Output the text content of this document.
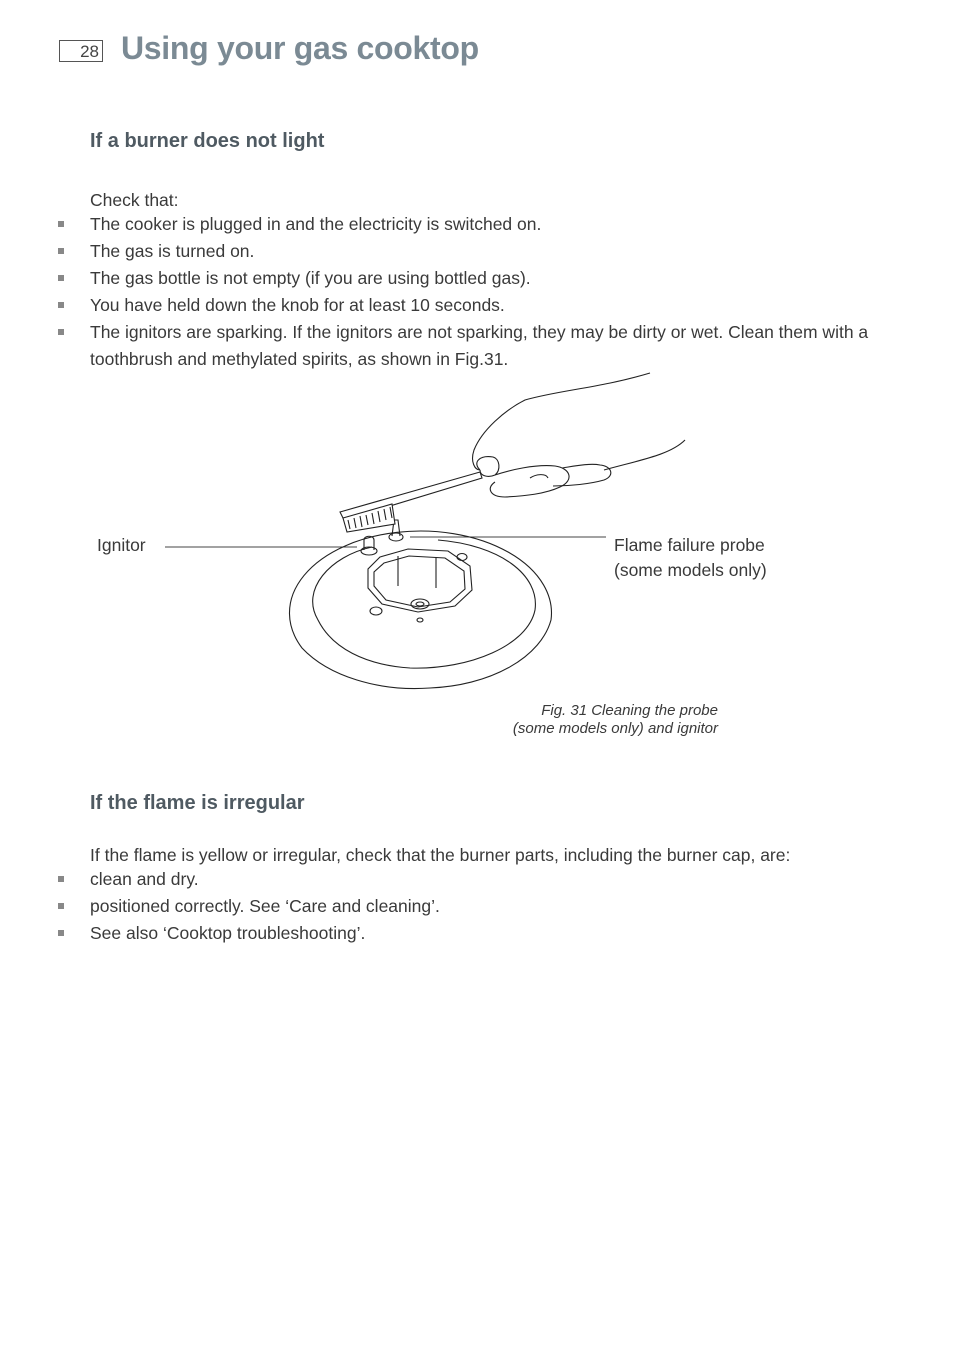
28 Using your gas cooktop
If a burner does not light

Check that:

The cooker is plugged in and the electricity is switched on.
The gas is turned on.
The gas bottle is not empty (if you are using bottled gas).
You have held down the knob for at least 10 seconds.
The ignitors are sparking. If the ignitors are not sparking, they may be dirty or wet. Clean them with a toothbrush and methylated spirits, as shown in Fig.31.
Ignitor	Flame failure probe
(some models only)
Fig. 31 Cleaning the probe
(some models only) and ignitor
If the flame is irregular

If the flame is yellow or irregular, check that the burner parts, including the burner cap, are:

clean and dry.
positioned correctly. See ‘Care and cleaning’.
See also ‘Cooktop troubleshooting’.
